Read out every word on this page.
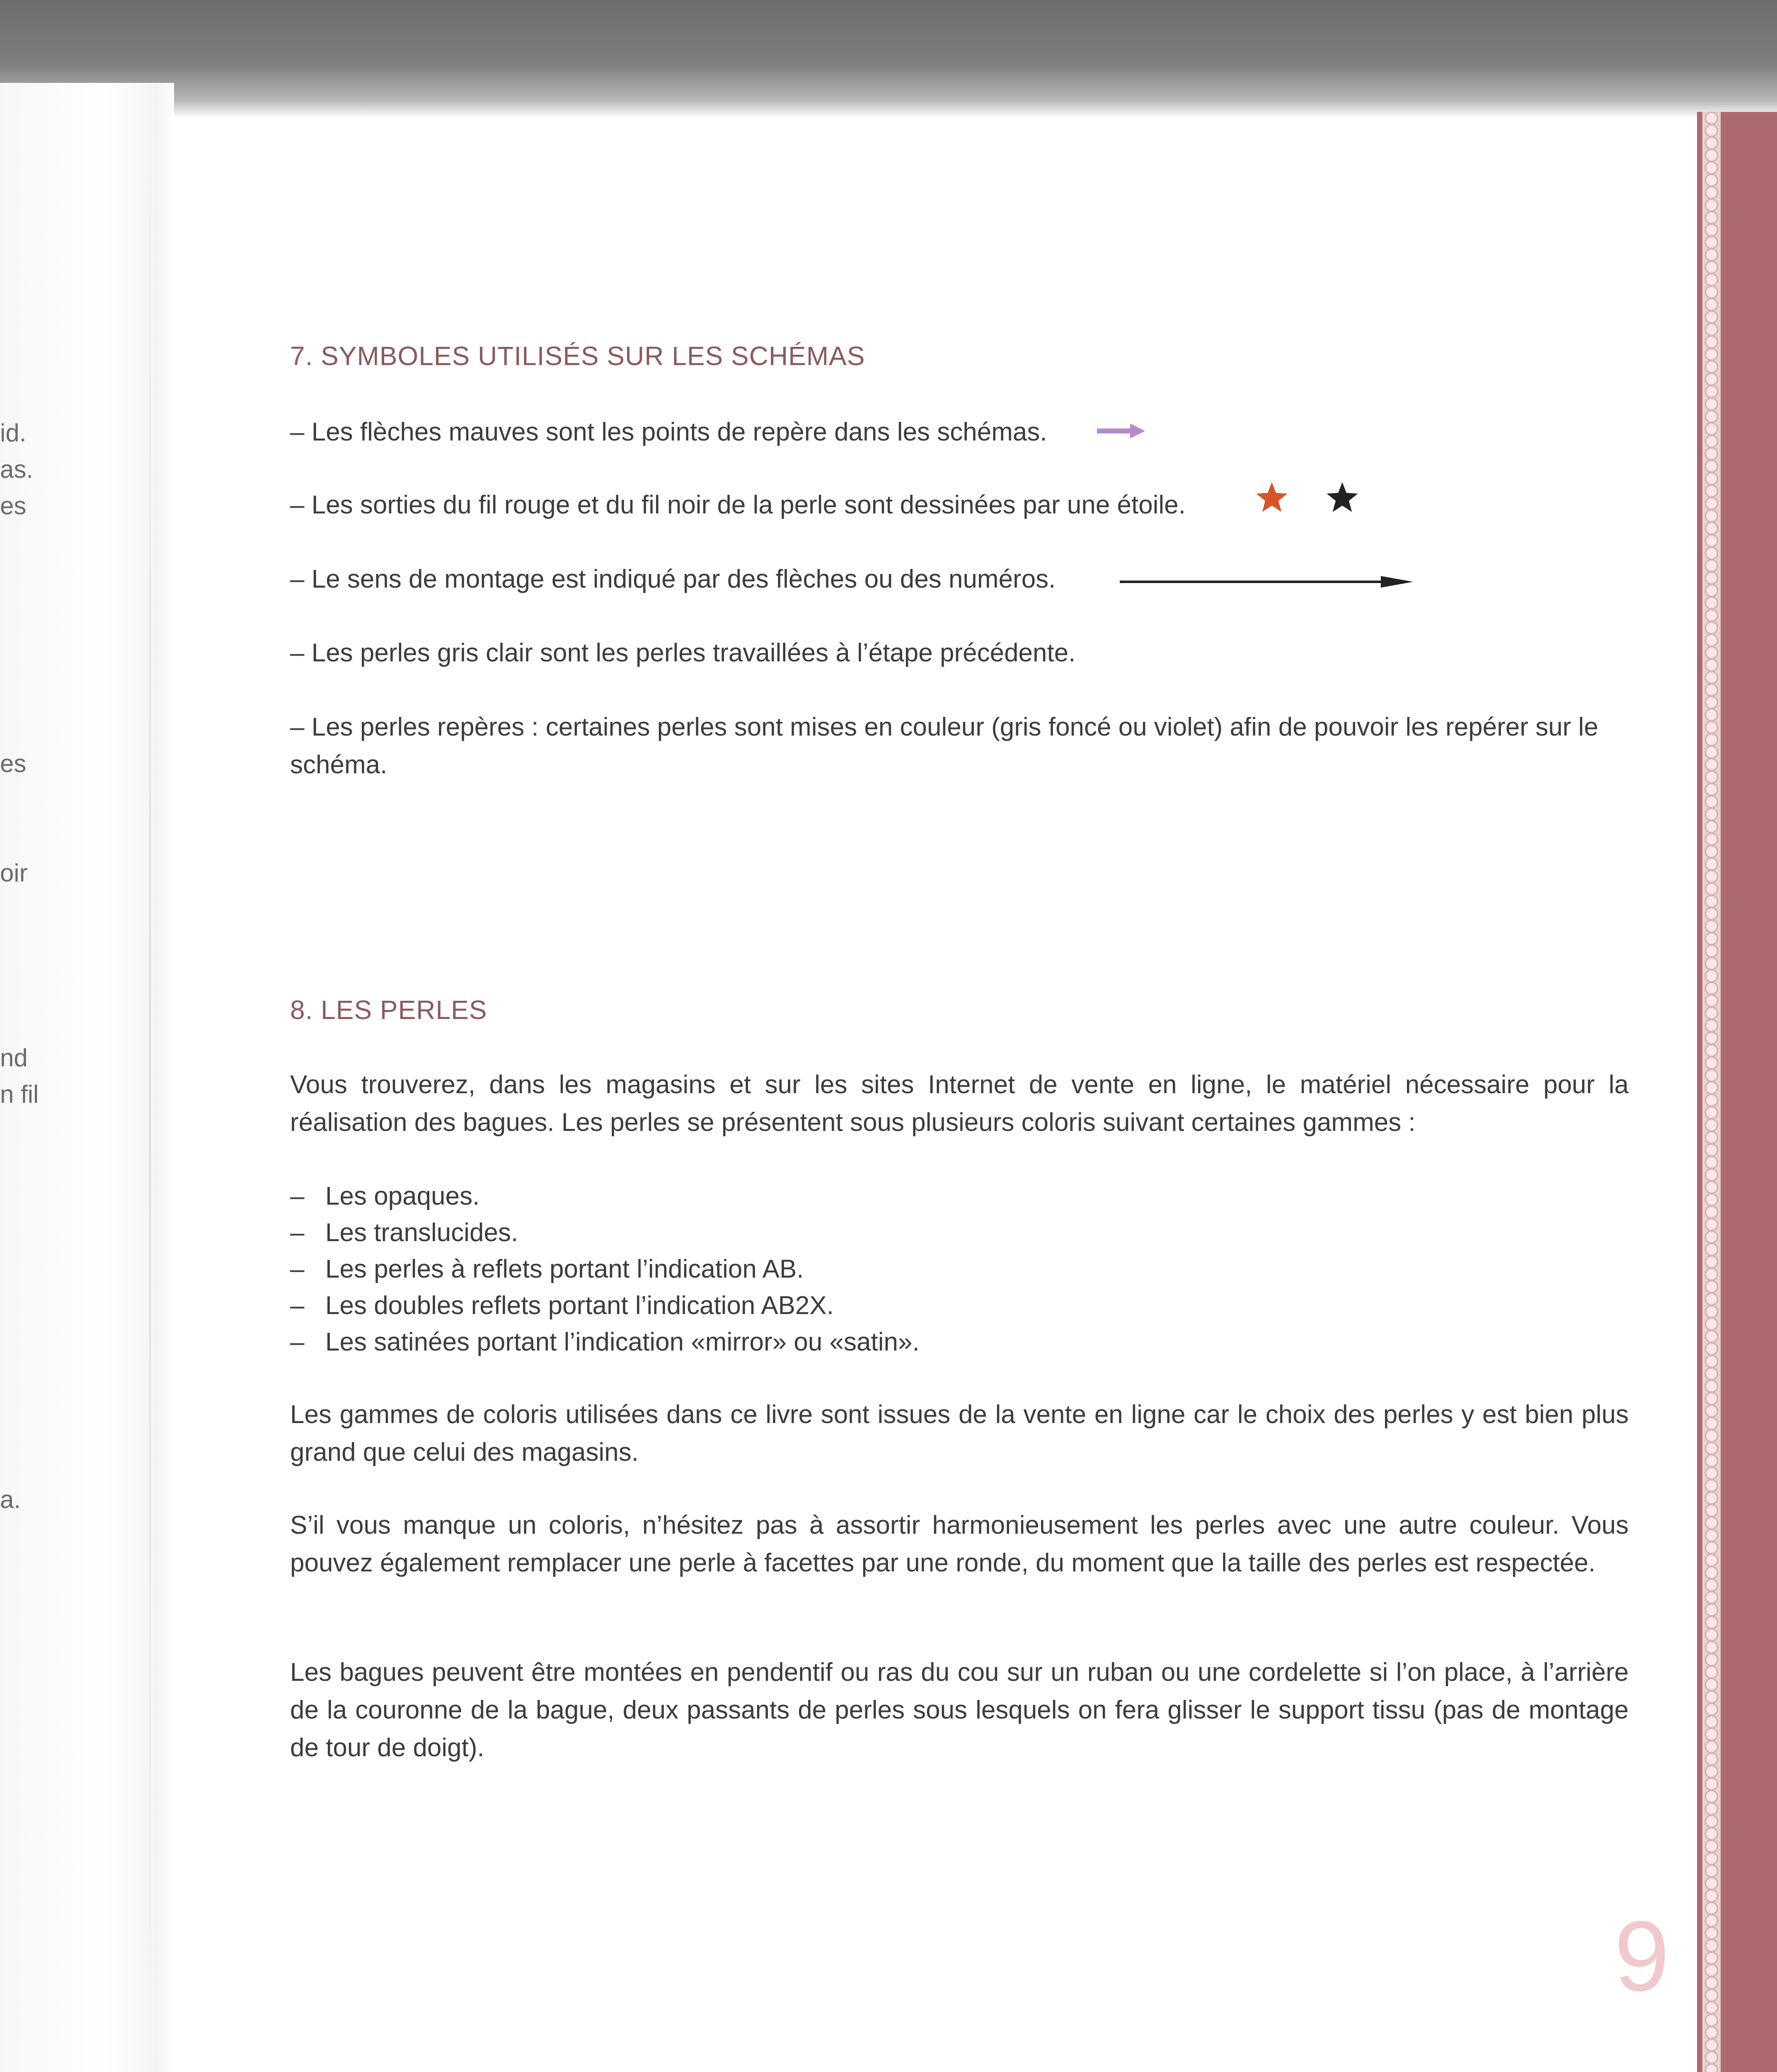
id.
as.
es
es
oir
nd
n fil
a.
7. SYMBOLES UTILISÉS SUR LES SCHÉMAS
– Les flèches mauves sont les points de repère dans les schémas.
– Les sorties du fil rouge et du fil noir de la perle sont dessinées par une étoile.
– Le sens de montage est indiqué par des flèches ou des numéros.
– Les perles gris clair sont les perles travaillées à l’étape précédente.
– Les perles repères : certaines perles sont mises en couleur (gris foncé ou violet) afin de pouvoir les repérer sur le schéma.
8. LES PERLES
Vous trouverez, dans les magasins et sur les sites Internet de vente en ligne, le matériel nécessaire pour la réalisation des bagues. Les perles se présentent sous plusieurs coloris suivant certaines gammes :
– Les opaques.
– Les translucides.
– Les perles à reflets portant l’indication AB.
– Les doubles reflets portant l’indication AB2X.
– Les satinées portant l’indication «mirror» ou «satin».
Les gammes de coloris utilisées dans ce livre sont issues de la vente en ligne car le choix des perles y est bien plus grand que celui des magasins.
S’il vous manque un coloris, n’hésitez pas à assortir harmonieusement les perles avec une autre couleur. Vous pouvez également remplacer une perle à facettes par une ronde, du moment que la taille des perles est respectée.
Les bagues peuvent être montées en pendentif ou ras du cou sur un ruban ou une cordelette si l’on place, à l’arrière de la couronne de la bague, deux passants de perles sous lesquels on fera glisser le support tissu (pas de montage de tour de doigt).
9
